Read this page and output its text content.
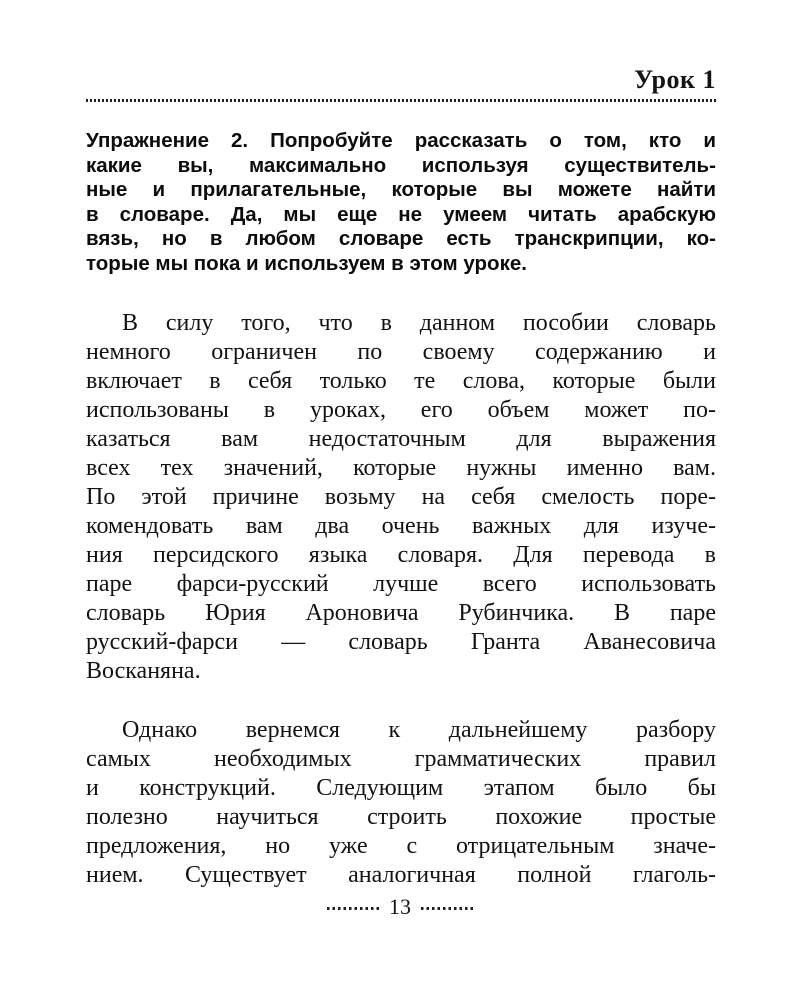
Урок 1
Упражнение 2. Попробуйте рассказать о том, кто и
какие вы, максимально используя существитель-
ные и прилагательные, которые вы можете найти
в словаре. Да, мы еще не умеем читать арабскую
вязь, но в любом словаре есть транскрипции, ко-
торые мы пока и используем в этом уроке.
В силу того, что в данном пособии словарь
немного ограничен по своему содержанию и
включает в себя только те слова, которые были
использованы в уроках, его объем может по-
казаться вам недостаточным для выражения
всех тех значений, которые нужны именно вам.
По этой причине возьму на себя смелость поре-
комендовать вам два очень важных для изуче-
ния персидского языка словаря. Для перевода в
паре фарси-русский лучше всего использовать
словарь Юрия Ароновича Рубинчика. В паре
русский-фарси — словарь Гранта Аванесовича
Восканяна.
Однако вернемся к дальнейшему разбору
самых необходимых грамматических правил
и конструкций. Следующим этапом было бы
полезно научиться строить похожие простые
предложения, но уже с отрицательным значе-
нием. Существует аналогичная полной глаголь-
13
